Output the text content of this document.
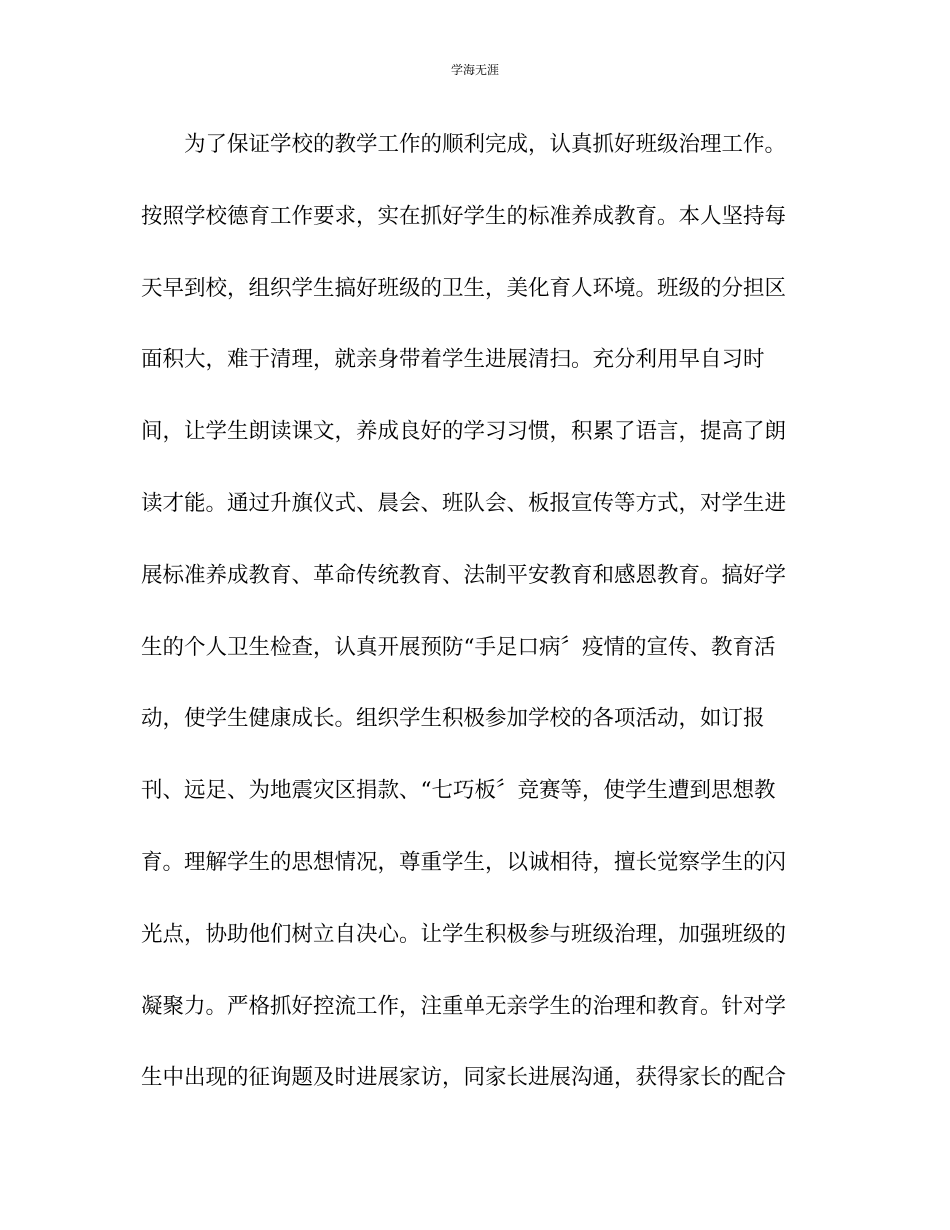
学海无涯
为了保证学校的教学工作的顺利完成，认真抓好班级治理工作。
按照学校德育工作要求，实在抓好学生的标准养成教育。本人坚持每
天早到校，组织学生搞好班级的卫生，美化育人环境。班级的分担区
面积大，难于清理，就亲身带着学生进展清扫。充分利用早自习时
间，让学生朗读课文，养成良好的学习习惯，积累了语言，提高了朗
读才能。通过升旗仪式、晨会、班队会、板报宣传等方式，对学生进
展标准养成教育、革命传统教育、法制平安教育和感恩教育。搞好学
生的个人卫生检查，认真开展预防“手足口病〞疫情的宣传、教育活
动，使学生健康成长。组织学生积极参加学校的各项活动，如订报
刊、远足、为地震灾区捐款、“七巧板〞竞赛等，使学生遭到思想教
育。理解学生的思想情况，尊重学生，以诚相待，擅长觉察学生的闪
光点，协助他们树立自决心。让学生积极参与班级治理，加强班级的
凝聚力。严格抓好控流工作，注重单无亲学生的治理和教育。针对学
生中出现的征询题及时进展家访，同家长进展沟通，获得家长的配合
